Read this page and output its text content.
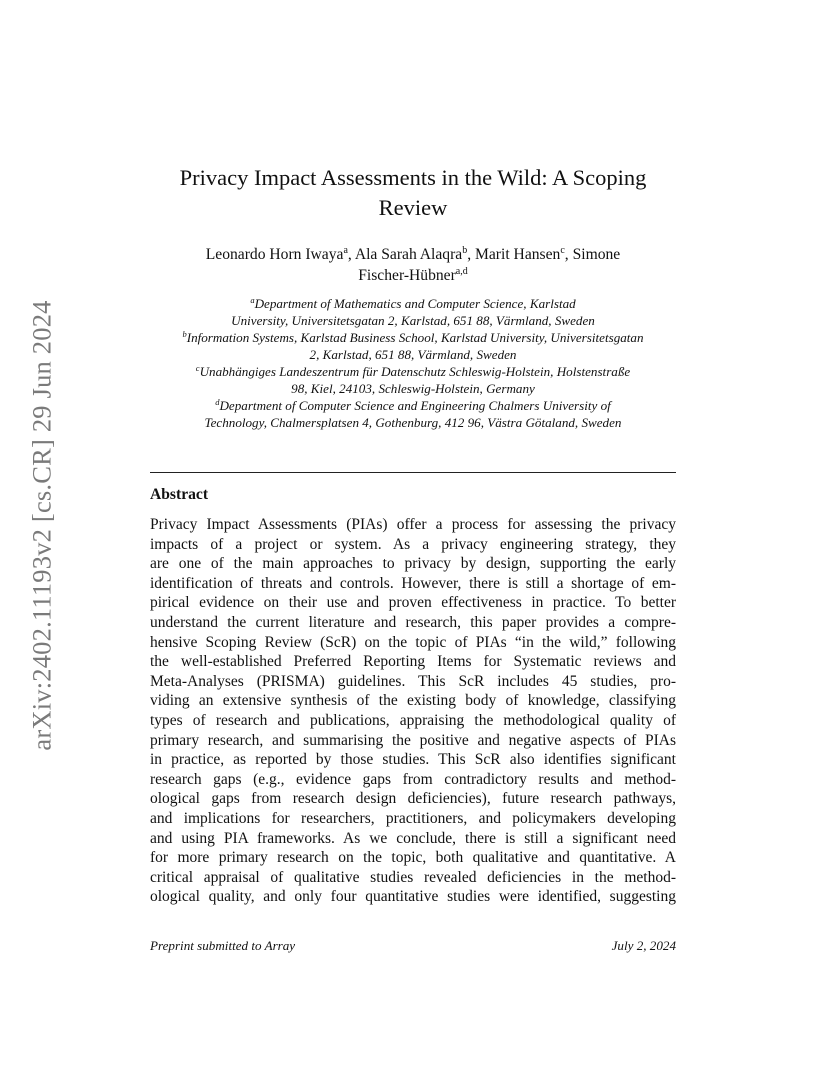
arXiv:2402.11193v2 [cs.CR] 29 Jun 2024
Privacy Impact Assessments in the Wild: A Scoping
Review
Leonardo Horn Iwaya$^a$, Ala Sarah Alaqra$^b$, Marit Hansen$^c$, Simone
Fischer-Hübner$^{a,d}$
$^a$Department of Mathematics and Computer Science, Karlstad
University, Universitetsgatan 2, Karlstad, 651 88, Värmland, Sweden
$^b$Information Systems, Karlstad Business School, Karlstad University, Universitetsgatan
2, Karlstad, 651 88, Värmland, Sweden
$^c$Unabhängiges Landeszentrum für Datenschutz Schleswig-Holstein, Holstenstraße
98, Kiel, 24103, Schleswig-Holstein, Germany
$^d$Department of Computer Science and Engineering Chalmers University of
Technology, Chalmersplatsen 4, Gothenburg, 412 96, Västra Götaland, Sweden
Abstract
Privacy Impact Assessments (PIAs) offer a process for assessing the privacy
impacts of a project or system. As a privacy engineering strategy, they
are one of the main approaches to privacy by design, supporting the early
identification of threats and controls. However, there is still a shortage of em-
pirical evidence on their use and proven effectiveness in practice. To better
understand the current literature and research, this paper provides a compre-
hensive Scoping Review (ScR) on the topic of PIAs “in the wild,” following
the well-established Preferred Reporting Items for Systematic reviews and
Meta-Analyses (PRISMA) guidelines. This ScR includes 45 studies, pro-
viding an extensive synthesis of the existing body of knowledge, classifying
types of research and publications, appraising the methodological quality of
primary research, and summarising the positive and negative aspects of PIAs
in practice, as reported by those studies. This ScR also identifies significant
research gaps (e.g., evidence gaps from contradictory results and method-
ological gaps from research design deficiencies), future research pathways,
and implications for researchers, practitioners, and policymakers developing
and using PIA frameworks. As we conclude, there is still a significant need
for more primary research on the topic, both qualitative and quantitative. A
critical appraisal of qualitative studies revealed deficiencies in the method-
ological quality, and only four quantitative studies were identified, suggesting
Preprint submitted to Array	July 2, 2024
